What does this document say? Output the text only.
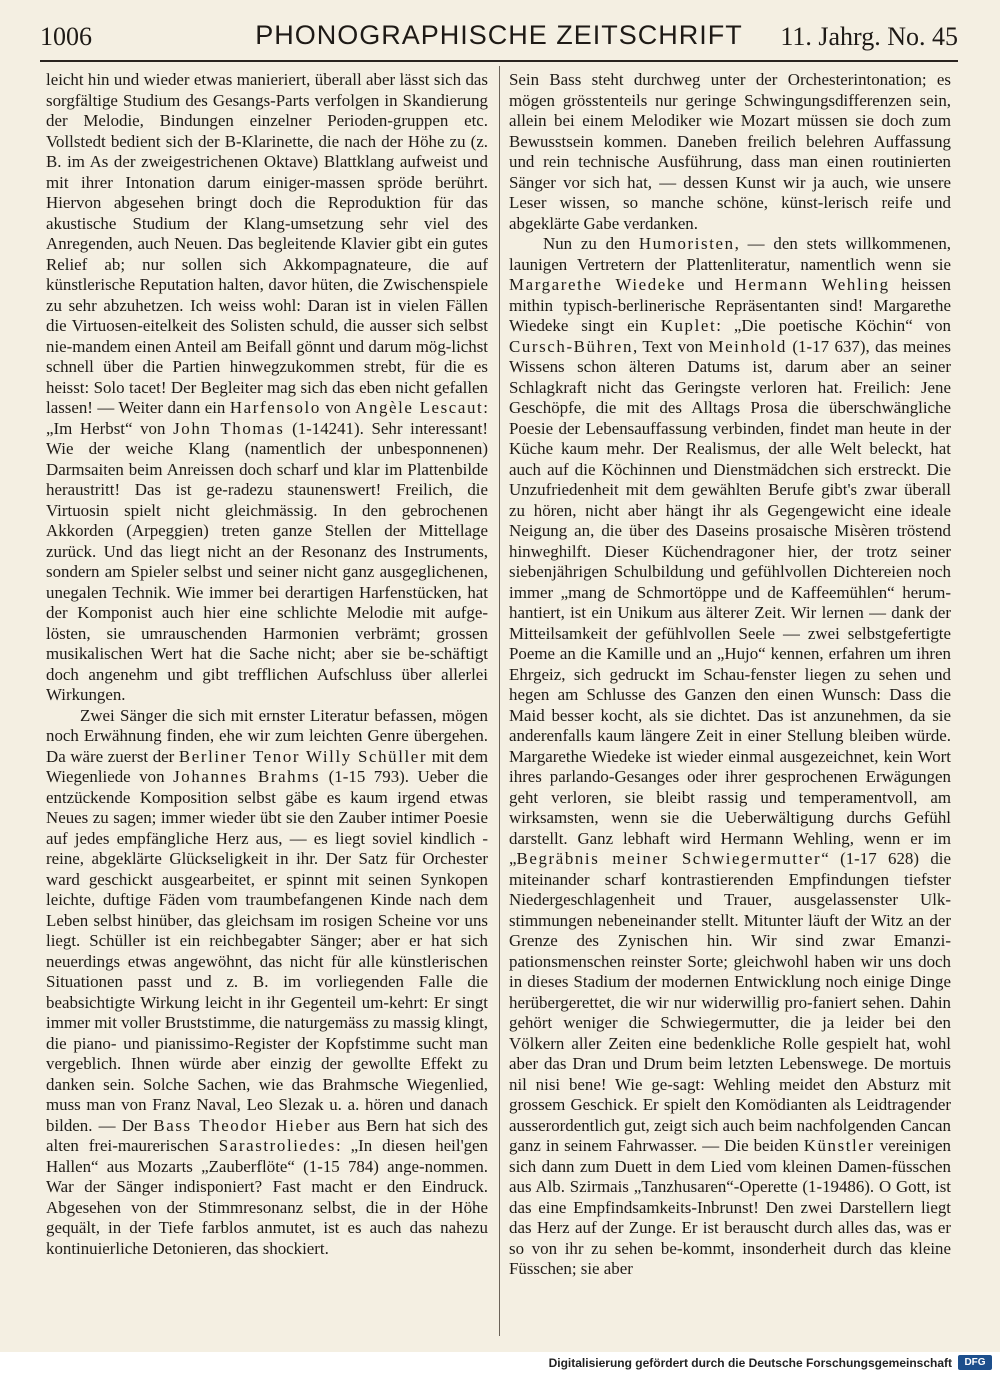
1006	PHONOGRAPHISCHE ZEITSCHRIFT	11. Jahrg. No. 45

leicht hin und wieder etwas manieriert, überall aber lässt sich das sorgfältige Studium des Gesangs-Parts verfolgen in Skandierung der Melodie, Bindungen einzelner Perioden-gruppen etc. Vollstedt bedient sich der B-Klarinette, die nach der Höhe zu (z. B. im As der zweigestrichenen Oktave) Blattklang aufweist und mit ihrer Intonation darum einiger-massen spröde berührt. Hiervon abgesehen bringt doch die Reproduktion für das akustische Studium der Klang-umsetzung sehr viel des Anregenden, auch Neuen. Das begleitende Klavier gibt ein gutes Relief ab; nur sollen sich Akkompagnateure, die auf künstlerische Reputation halten, davor hüten, die Zwischenspiele zu sehr abzuhetzen. Ich weiss wohl: Daran ist in vielen Fällen die Virtuosen-eitelkeit des Solisten schuld, die ausser sich selbst nie-mandem einen Anteil am Beifall gönnt und darum mög-lichst schnell über die Partien hinwegzukommen strebt, für die es heisst: Solo tacet! Der Begleiter mag sich das eben nicht gefallen lassen! — Weiter dann ein Harfensolo von Angèle Lescaut: „Im Herbst“ von John Thomas (1-14241). Sehr interessant! Wie der weiche Klang (namentlich der unbesponnenen) Darmsaiten beim Anreissen doch scharf und klar im Plattenbilde heraustritt! Das ist ge-radezu staunenswert! Freilich, die Virtuosin spielt nicht gleichmässig. In den gebrochenen Akkorden (Arpeggien) treten ganze Stellen der Mittellage zurück. Und das liegt nicht an der Resonanz des Instruments, sondern am Spieler selbst und seiner nicht ganz ausgeglichenen, unegalen Technik. Wie immer bei derartigen Harfenstücken, hat der Komponist auch hier eine schlichte Melodie mit aufge-lösten, sie umrauschenden Harmonien verbrämt; grossen musikalischen Wert hat die Sache nicht; aber sie be-schäftigt doch angenehm und gibt trefflichen Aufschluss über allerlei Wirkungen.

Zwei Sänger die sich mit ernster Literatur befassen, mögen noch Erwähnung finden, ehe wir zum leichten Genre übergehen. Da wäre zuerst der Berliner Tenor Willy Schüller mit dem Wiegenliede von Johannes Brahms (1-15 793). Ueber die entzückende Komposition selbst gäbe es kaum irgend etwas Neues zu sagen; immer wieder übt sie den Zauber intimer Poesie auf jedes empfängliche Herz aus, — es liegt soviel kindlich - reine, abgeklärte Glückseligkeit in ihr. Der Satz für Orchester ward geschickt ausgearbeitet, er spinnt mit seinen Synkopen leichte, duftige Fäden vom traumbefangenen Kinde nach dem Leben selbst hinüber, das gleichsam im rosigen Scheine vor uns liegt. Schüller ist ein reichbegabter Sänger; aber er hat sich neuerdings etwas angewöhnt, das nicht für alle künstlerischen Situationen passt und z. B. im vorliegenden Falle die beabsichtigte Wirkung leicht in ihr Gegenteil um-kehrt: Er singt immer mit voller Bruststimme, die naturgemäss zu massig klingt, die piano- und pianissimo-Register der Kopfstimme sucht man vergeblich. Ihnen würde aber einzig der gewollte Effekt zu danken sein. Solche Sachen, wie das Brahmsche Wiegenlied, muss man von Franz Naval, Leo Slezak u. a. hören und danach bilden. — Der Bass Theodor Hieber aus Bern hat sich des alten frei-maurerischen Sarastroliedes: „In diesen heil'gen Hallen“ aus Mozarts „Zauberflöte“ (1-15 784) ange-nommen. War der Sänger indisponiert? Fast macht er den Eindruck. Abgesehen von der Stimmresonanz selbst, die in der Höhe gequält, in der Tiefe farblos anmutet, ist es auch das nahezu kontinuierliche Detonieren, das shockiert.

Sein Bass steht durchweg unter der Orchesterintonation; es mögen grösstenteils nur geringe Schwingungsdifferenzen sein, allein bei einem Melodiker wie Mozart müssen sie doch zum Bewusstsein kommen. Daneben freilich belehren Auffassung und rein technische Ausführung, dass man einen routinierten Sänger vor sich hat, — dessen Kunst wir ja auch, wie unsere Leser wissen, so manche schöne, künst-lerisch reife und abgeklärte Gabe verdanken.

Nun zu den Humoristen, — den stets willkommenen, launigen Vertretern der Plattenliteratur, namentlich wenn sie Margarethe Wiedeke und Hermann Wehling heissen mithin typisch-berlinerische Repräsentanten sind! Margarethe Wiedeke singt ein Kuplet: „Die poetische Köchin“ von Cursch-Bühren, Text von Meinhold (1-17 637), das meines Wissens schon älteren Datums ist, darum aber an seiner Schlagkraft nicht das Geringste verloren hat. Freilich: Jene Geschöpfe, die mit des Alltags Prosa die überschwängliche Poesie der Lebensauffassung verbinden, findet man heute in der Küche kaum mehr. Der Realismus, der alle Welt beleckt, hat auch auf die Köchinnen und Dienstmädchen sich erstreckt. Die Unzufriedenheit mit dem gewählten Berufe gibt's zwar überall zu hören, nicht aber hängt ihr als Gegengewicht eine ideale Neigung an, die über des Daseins prosaische Misèren tröstend hinweghilft. Dieser Küchendragoner hier, der trotz seiner siebenjährigen Schulbildung und gefühlvollen Dichtereien noch immer „mang de Schmortöppe und de Kaffeemühlen“ herum-hantiert, ist ein Unikum aus älterer Zeit. Wir lernen — dank der Mitteilsamkeit der gefühlvollen Seele — zwei selbstgefertigte Poeme an die Kamille und an „Hujo“ kennen, erfahren um ihren Ehrgeiz, sich gedruckt im Schau-fenster liegen zu sehen und hegen am Schlusse des Ganzen den einen Wunsch: Dass die Maid besser kocht, als sie dichtet. Das ist anzunehmen, da sie anderenfalls kaum längere Zeit in einer Stellung bleiben würde. Margarethe Wiedeke ist wieder einmal ausgezeichnet, kein Wort ihres parlando-Gesanges oder ihrer gesprochenen Erwägungen geht verloren, sie bleibt rassig und temperamentvoll, am wirksamsten, wenn sie die Ueberwältigung durchs Gefühl darstellt. Ganz lebhaft wird Hermann Wehling, wenn er im „Begräbnis meiner Schwiegermutter“ (1-17 628) die miteinander scharf kontrastierenden Empfindungen tiefster Niedergeschlagenheit und Trauer, ausgelassenster Ulk-stimmungen nebeneinander stellt. Mitunter läuft der Witz an der Grenze des Zynischen hin. Wir sind zwar Emanzi-pationsmenschen reinster Sorte; gleichwohl haben wir uns doch in dieses Stadium der modernen Entwicklung noch einige Dinge herübergerettet, die wir nur widerwillig pro-faniert sehen. Dahin gehört weniger die Schwiegermutter, die ja leider bei den Völkern aller Zeiten eine bedenkliche Rolle gespielt hat, wohl aber das Dran und Drum beim letzten Lebenswege. De mortuis nil nisi bene! Wie ge-sagt: Wehling meidet den Absturz mit grossem Geschick. Er spielt den Komödianten als Leidtragender ausserordentlich gut, zeigt sich auch beim nachfolgenden Cancan ganz in seinem Fahrwasser. — Die beiden Künstler vereinigen sich dann zum Duett in dem Lied vom kleinen Damen-füsschen aus Alb. Szirmais „Tanzhusaren“-Operette (1-19486). O Gott, ist das eine Empfindsamkeits-Inbrunst! Den zwei Darstellern liegt das Herz auf der Zunge. Er ist berauscht durch alles das, was er so von ihr zu sehen be-kommt, insonderheit durch das kleine Füsschen; sie aber

Digitalisierung gefördert durch die Deutsche Forschungsgemeinschaft	DFG
